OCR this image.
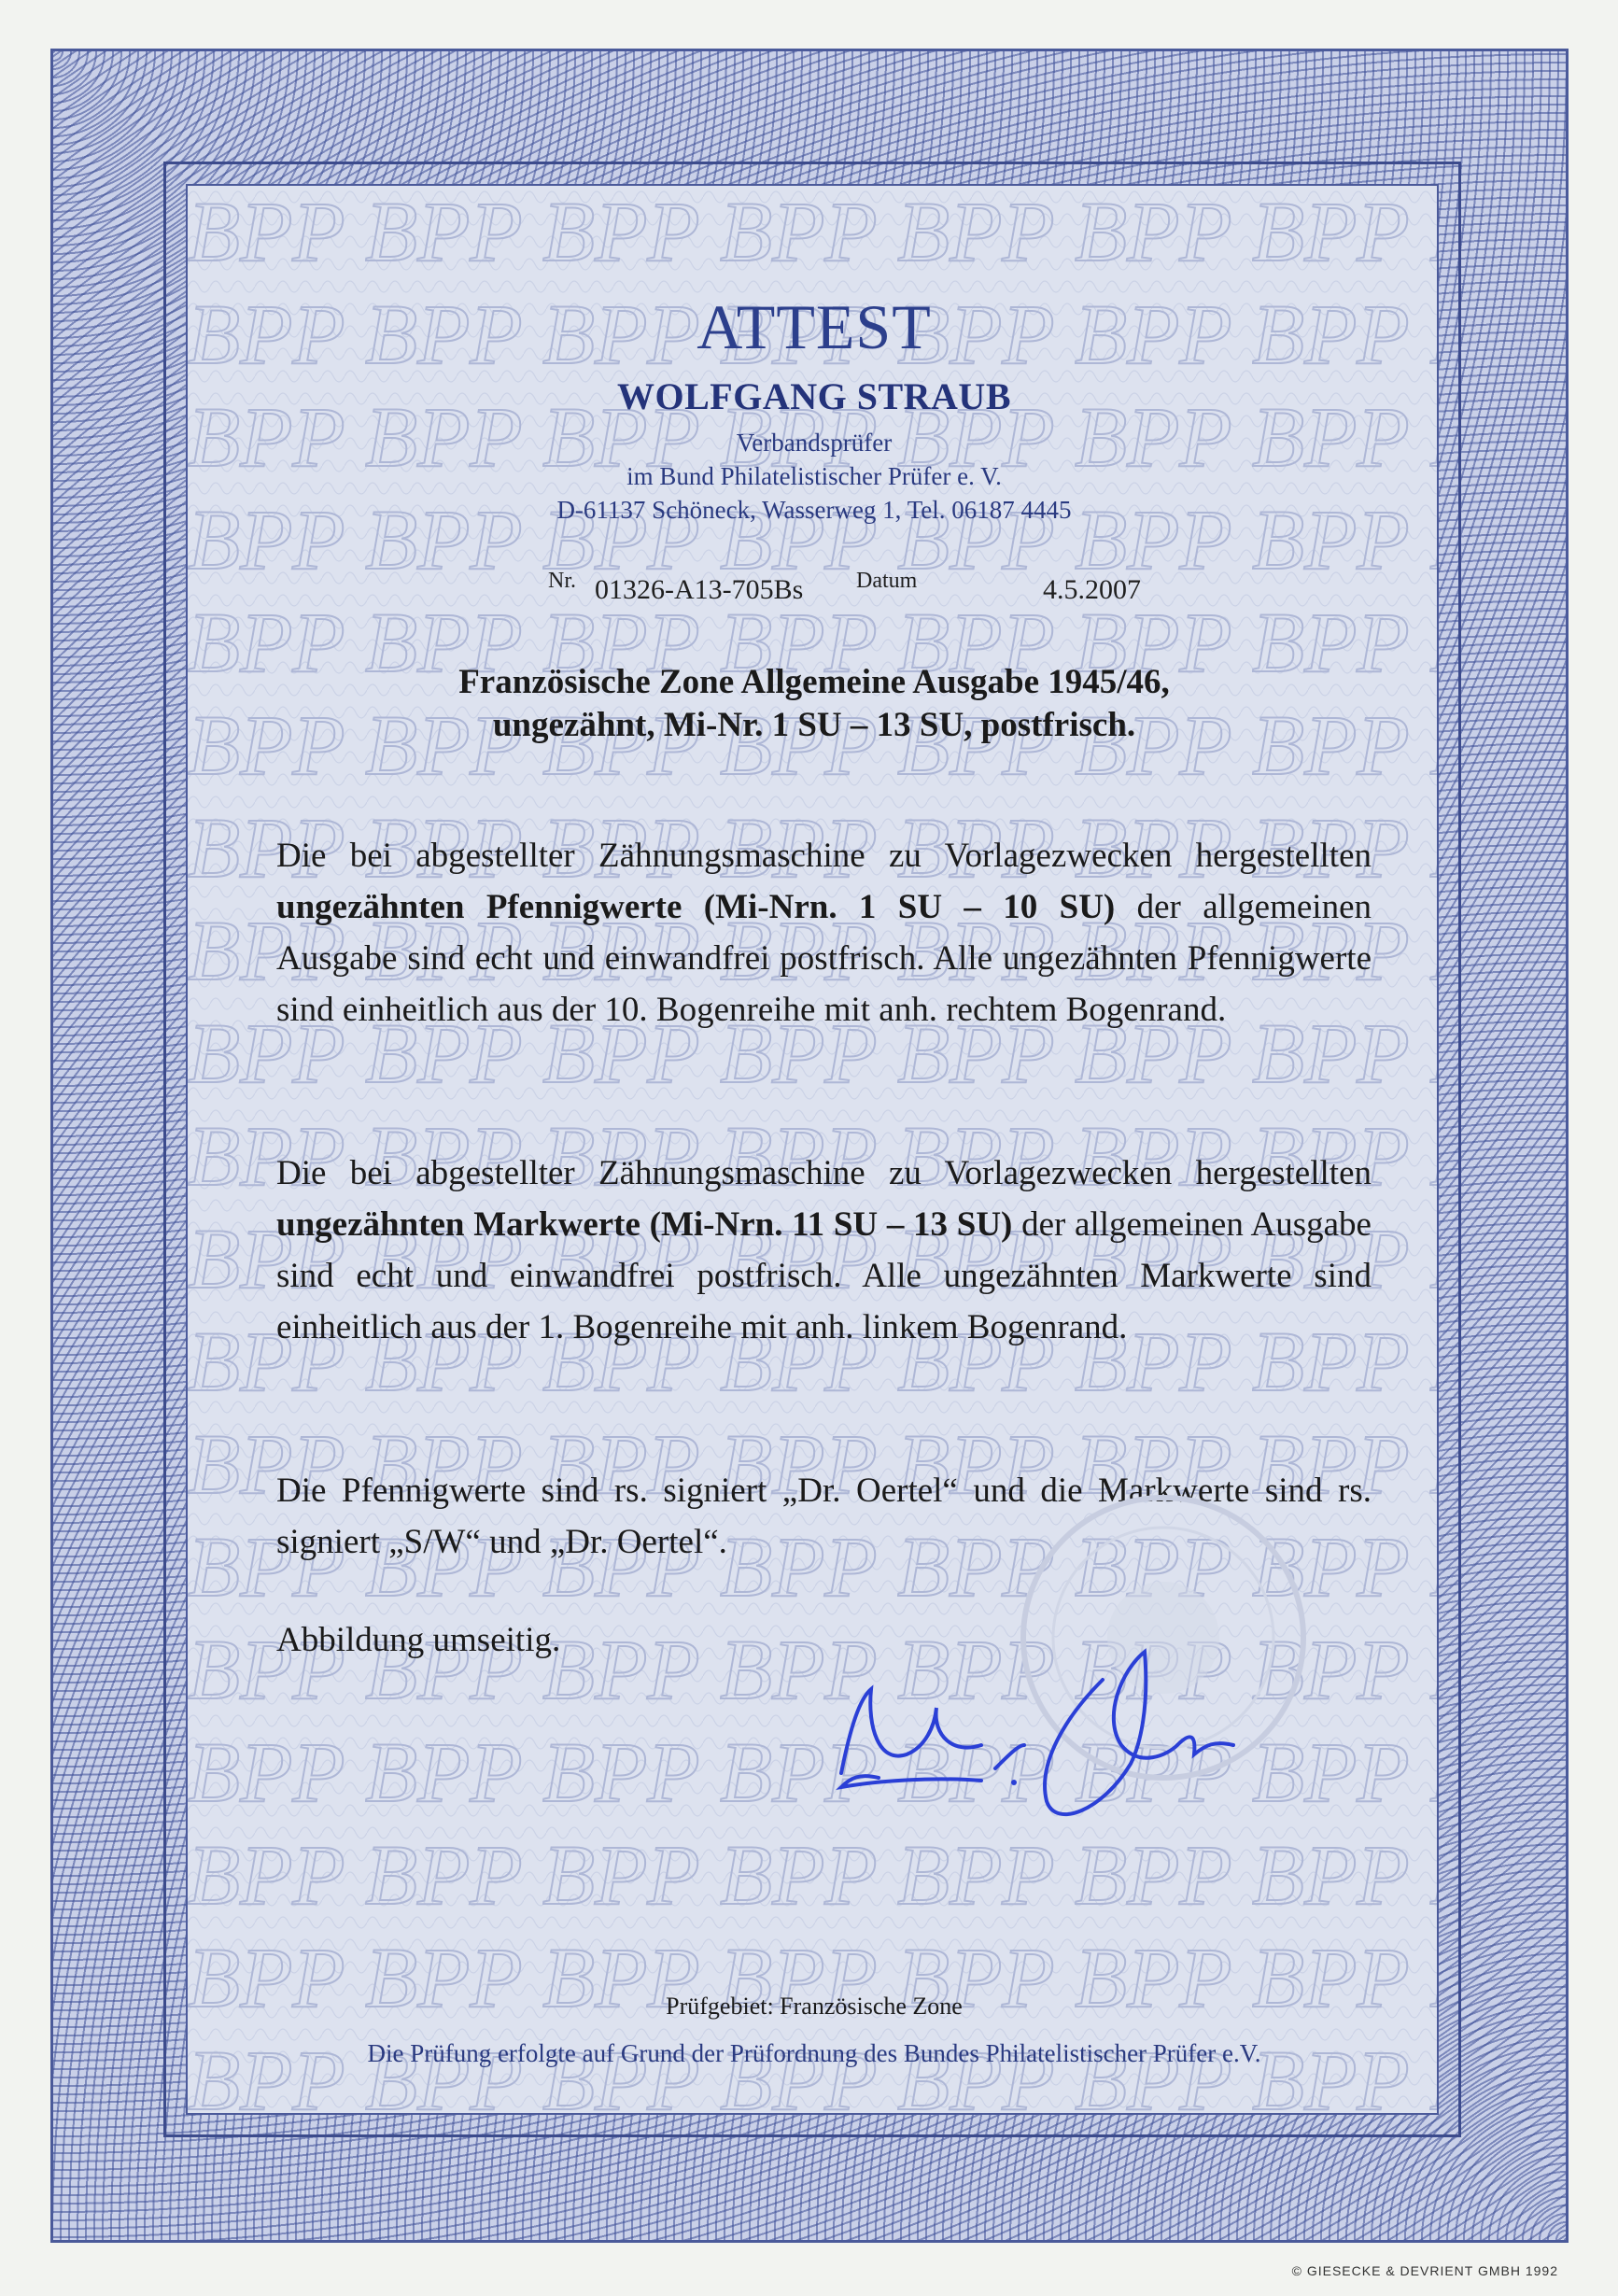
ATTEST
WOLFGANG STRAUB
Verbandsprüfer
im Bund Philatelistischer Prüfer e. V.
D-61137 Schöneck, Wasserweg 1, Tel. 06187 4445
Nr. 01326-A13-705Bs Datum	4.5.2007
Französische Zone Allgemeine Ausgabe 1945/46,
ungezähnt, Mi-Nr. 1 SU – 13 SU, postfrisch.
Die bei abgestellter Zähnungsmaschine zu Vorlagezwecken hergestellten ungezähnten Pfennigwerte (Mi-Nrn. 1 SU – 10 SU) der allgemeinen Ausgabe sind echt und einwandfrei postfrisch. Alle ungezähnten Pfennigwerte sind einheitlich aus der 10. Bogenreihe mit anh. rechtem Bogenrand.
Die bei abgestellter Zähnungsmaschine zu Vorlagezwecken hergestellten ungezähnten Markwerte (Mi-Nrn. 11 SU – 13 SU) der allgemeinen Ausgabe sind echt und einwandfrei postfrisch. Alle ungezähnten Markwerte sind einheitlich aus der 1. Bogenreihe mit anh. linkem Bogenrand.
Die Pfennigwerte sind rs. signiert „Dr. Oertel“ und die Markwerte sind rs. signiert „S/W“ und „Dr. Oertel“.
Abbildung umseitig.
Prüfgebiet: Französische Zone
Die Prüfung erfolgte auf Grund der Prüfordnung des Bundes Philatelistischer Prüfer e.V.
© GIESECKE & DEVRIENT GMBH 1992
